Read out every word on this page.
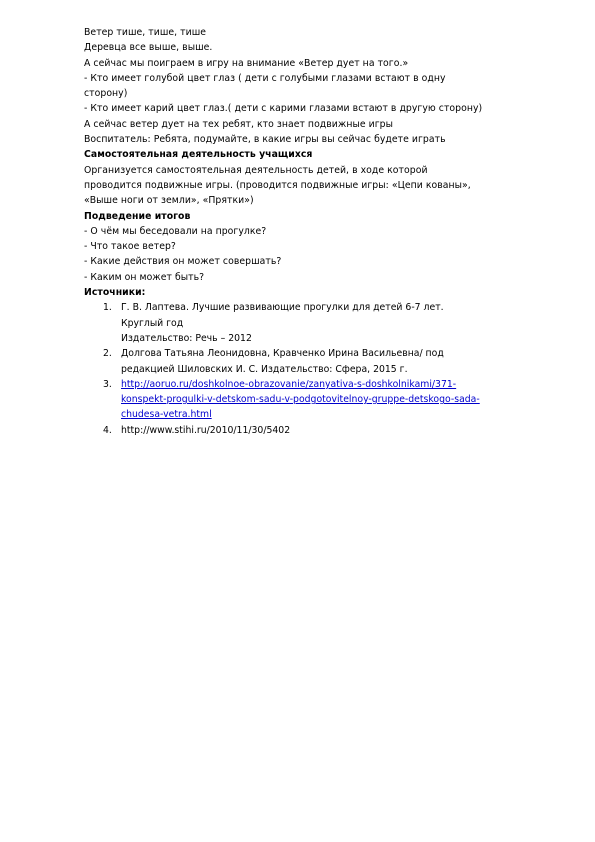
Ветер тише, тише, тише
Деревца все выше, выше.
А сейчас мы поиграем в игру на внимание «Ветер дует на того.»
- Кто имеет голубой цвет глаз ( дети с голубыми глазами встают в одну
сторону)
- Кто имеет карий цвет глаз.( дети с карими глазами встают в другую сторону)
А сейчас ветер дует на тех ребят, кто знает подвижные игры
Воспитатель: Ребята, подумайте, в какие игры вы сейчас будете играть
Самостоятельная деятельность учащихся
Организуется самостоятельная деятельность детей, в ходе которой
проводится подвижные игры. (проводится подвижные игры: «Цепи кованы»,
«Выше ноги от земли», «Прятки»)
Подведение итогов
- О чём мы беседовали на прогулке?
- Что такое ветер?
- Какие действия он может совершать?
- Каким он может быть?
Источники:
1. Г. В. Лаптева. Лучшие развивающие прогулки для детей 6-7 лет.
Круглый год
Издательство: Речь – 2012
2. Долгова Татьяна Леонидовна, Кравченко Ирина Васильевна/ под
редакцией Шиловских И. С. Издательство: Сфера, 2015 г.
3. http://aoruo.ru/doshkolnoe-obrazovanie/zanyativa-s-doshkolnikami/371-
konspekt-progulki-v-detskom-sadu-v-podgotovitelnoy-gruppe-detskogo-sada-
chudesa-vetra.html
4. http://www.stihi.ru/2010/11/30/5402
